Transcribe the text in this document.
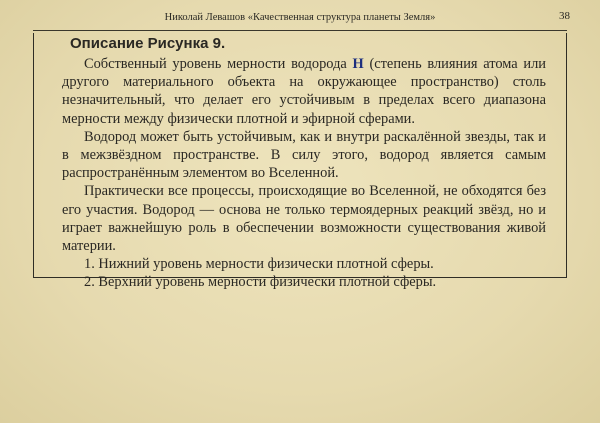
Николай Левашов «Качественная структура планеты Земля»	38
Описание Рисунка 9.

Собственный уровень мерности водорода Н (степень влияния атома или другого материального объекта на окружающее пространство) столь незначительный, что делает его устойчивым в пределах всего диапазона мерности между физически плотной и эфирной сферами.

Водород может быть устойчивым, как и внутри раскалённой звезды, так и в межзвёздном пространстве. В силу этого, водород является самым распространённым элементом во Вселенной.

Практически все процессы, происходящие во Вселенной, не обходятся без его участия. Водород — основа не только термоядерных реакций звёзд, но и играет важнейшую роль в обеспечении возможности существования живой материи.

1. Нижний уровень мерности физически плотной сферы.
2. Верхний уровень мерности физически плотной сферы.
